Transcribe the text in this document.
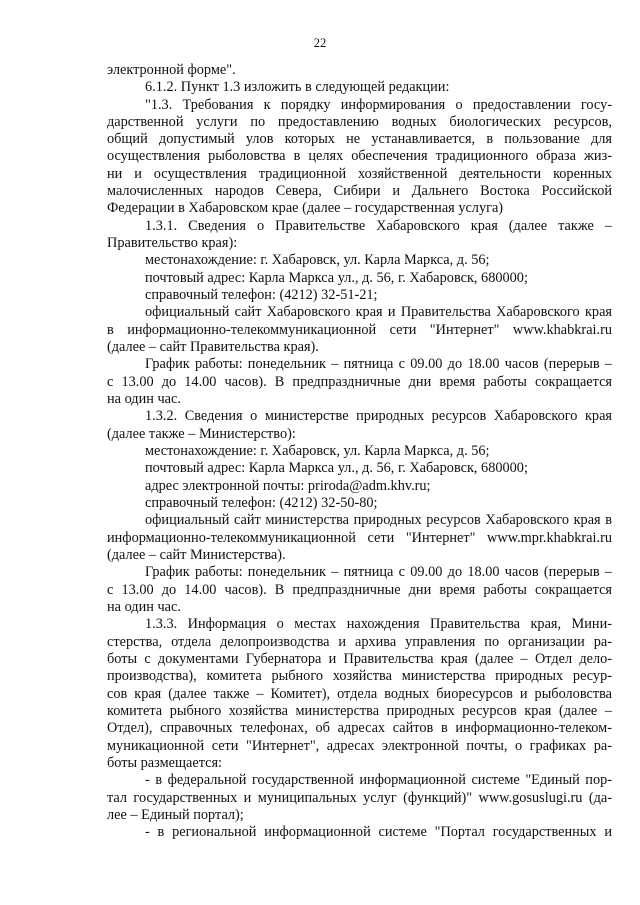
22
электронной форме".
6.1.2. Пункт 1.3 изложить в следующей редакции:
"1.3. Требования к порядку информирования о предоставлении госу-
дарственной услуги по предоставлению водных биологических ресурсов,
общий допустимый улов которых не устанавливается, в пользование для
осуществления рыболовства в целях обеспечения традиционного образа жиз-
ни и осуществления традиционной хозяйственной деятельности коренных
малочисленных народов Севера, Сибири и Дальнего Востока Российской
Федерации в Хабаровском крае (далее – государственная услуга)
1.3.1. Сведения о Правительстве Хабаровского края (далее также –
Правительство края):
местонахождение: г. Хабаровск, ул. Карла Маркса, д. 56;
почтовый адрес: Карла Маркса ул., д. 56, г. Хабаровск, 680000;
справочный телефон: (4212) 32-51-21;
официальный сайт Хабаровского края и Правительства Хабаровского края
в информационно-телекоммуникационной сети "Интернет" www.khabkrai.ru
(далее – сайт Правительства края).
График работы: понедельник – пятница с 09.00 до 18.00 часов (перерыв –
с 13.00 до 14.00 часов). В предпраздничные дни время работы сокращается
на один час.
1.3.2. Сведения о министерстве природных ресурсов Хабаровского края
(далее также – Министерство):
местонахождение: г. Хабаровск, ул. Карла Маркса, д. 56;
почтовый адрес: Карла Маркса ул., д. 56, г. Хабаровск, 680000;
адрес электронной почты: priroda@adm.khv.ru;
справочный телефон: (4212) 32-50-80;
официальный сайт министерства природных ресурсов Хабаровского края в
информационно-телекоммуникационной сети "Интернет" www.mpr.khabkrai.ru
(далее – сайт Министерства).
График работы: понедельник – пятница с 09.00 до 18.00 часов (перерыв –
с 13.00 до 14.00 часов). В предпраздничные дни время работы сокращается
на один час.
1.3.3. Информация о местах нахождения Правительства края, Мини-
стерства, отдела делопроизводства и архива управления по организации ра-
боты с документами Губернатора и Правительства края (далее – Отдел дело-
производства), комитета рыбного хозяйства министерства природных ресур-
сов края (далее также – Комитет), отдела водных биоресурсов и рыболовства
комитета рыбного хозяйства министерства природных ресурсов края (далее –
Отдел), справочных телефонах, об адресах сайтов в информационно-телеком-
муникационной сети "Интернет", адресах электронной почты, о графиках ра-
боты размещается:
- в федеральной государственной информационной системе "Единый пор-
тал государственных и муниципальных услуг (функций)" www.gosuslugi.ru (да-
лее – Единый портал);
- в региональной информационной системе "Портал государственных и
